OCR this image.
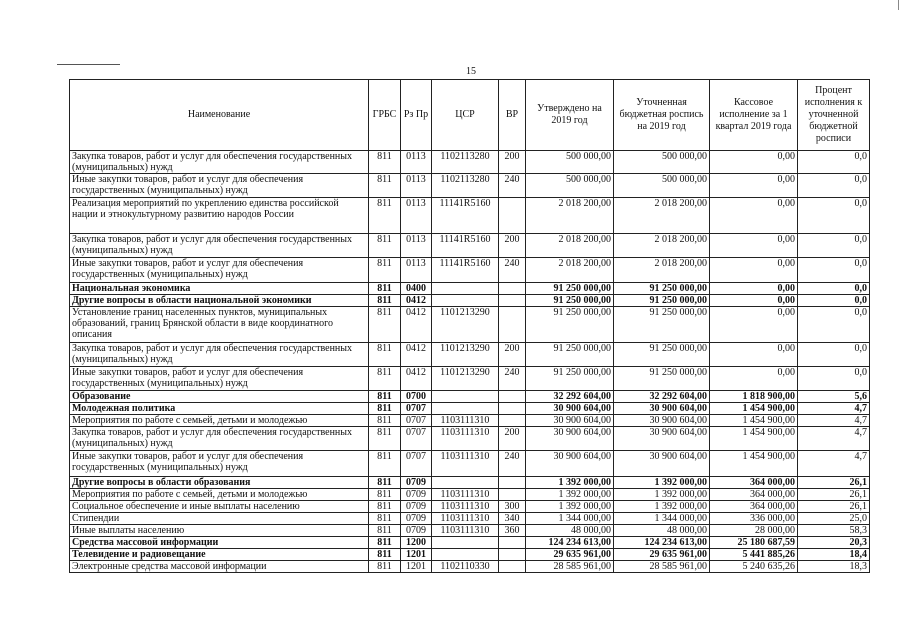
15
Наименование	ГРБС	Рз Пр	ЦСР	ВР	Утверждено на 2019 год	Уточненная бюджетная роспись на 2019 год	Кассовое исполнение за 1 квартал 2019 года	Процент исполнения к уточненной бюджетной росписи
Закупка товаров, работ и услуг для обеспечения государственных (муниципальных) нужд	811	0113	1102113280	200	500 000,00	500 000,00	0,00	0,0
Иные закупки товаров, работ и услуг для обеспечения государственных (муниципальных) нужд	811	0113	1102113280	240	500 000,00	500 000,00	0,00	0,0
Реализация мероприятий по укреплению единства российской нации и этнокультурному развитию народов России	811	0113	11141R5160		2 018 200,00	2 018 200,00	0,00	0,0
Закупка товаров, работ и услуг для обеспечения государственных (муниципальных) нужд	811	0113	11141R5160	200	2 018 200,00	2 018 200,00	0,00	0,0
Иные закупки товаров, работ и услуг для обеспечения государственных (муниципальных) нужд	811	0113	11141R5160	240	2 018 200,00	2 018 200,00	0,00	0,0
Национальная экономика	811	0400			91 250 000,00	91 250 000,00	0,00	0,0
Другие вопросы в области национальной экономики	811	0412			91 250 000,00	91 250 000,00	0,00	0,0
Установление границ населенных пунктов, муниципальных образований, границ Брянской области в виде координатного описания	811	0412	1101213290		91 250 000,00	91 250 000,00	0,00	0,0
Закупка товаров, работ и услуг для обеспечения государственных (муниципальных) нужд	811	0412	1101213290	200	91 250 000,00	91 250 000,00	0,00	0,0
Иные закупки товаров, работ и услуг для обеспечения государственных (муниципальных) нужд	811	0412	1101213290	240	91 250 000,00	91 250 000,00	0,00	0,0
Образование	811	0700			32 292 604,00	32 292 604,00	1 818 900,00	5,6
Молодежная политика	811	0707			30 900 604,00	30 900 604,00	1 454 900,00	4,7
Мероприятия по работе с семьей, детьми и молодежью	811	0707	1103111310		30 900 604,00	30 900 604,00	1 454 900,00	4,7
Закупка товаров, работ и услуг для обеспечения государственных (муниципальных) нужд	811	0707	1103111310	200	30 900 604,00	30 900 604,00	1 454 900,00	4,7
Иные закупки товаров, работ и услуг для обеспечения государственных (муниципальных) нужд	811	0707	1103111310	240	30 900 604,00	30 900 604,00	1 454 900,00	4,7
Другие вопросы в области образования	811	0709			1 392 000,00	1 392 000,00	364 000,00	26,1
Мероприятия по работе с семьей, детьми и молодежью	811	0709	1103111310		1 392 000,00	1 392 000,00	364 000,00	26,1
Социальное обеспечение и иные выплаты населению	811	0709	1103111310	300	1 392 000,00	1 392 000,00	364 000,00	26,1
Стипендии	811	0709	1103111310	340	1 344 000,00	1 344 000,00	336 000,00	25,0
Иные выплаты населению	811	0709	1103111310	360	48 000,00	48 000,00	28 000,00	58,3
Средства массовой информации	811	1200			124 234 613,00	124 234 613,00	25 180 687,59	20,3
Телевидение и радиовещание	811	1201			29 635 961,00	29 635 961,00	5 441 885,26	18,4
Электронные средства массовой информации	811	1201	1102110330		28 585 961,00	28 585 961,00	5 240 635,26	18,3
